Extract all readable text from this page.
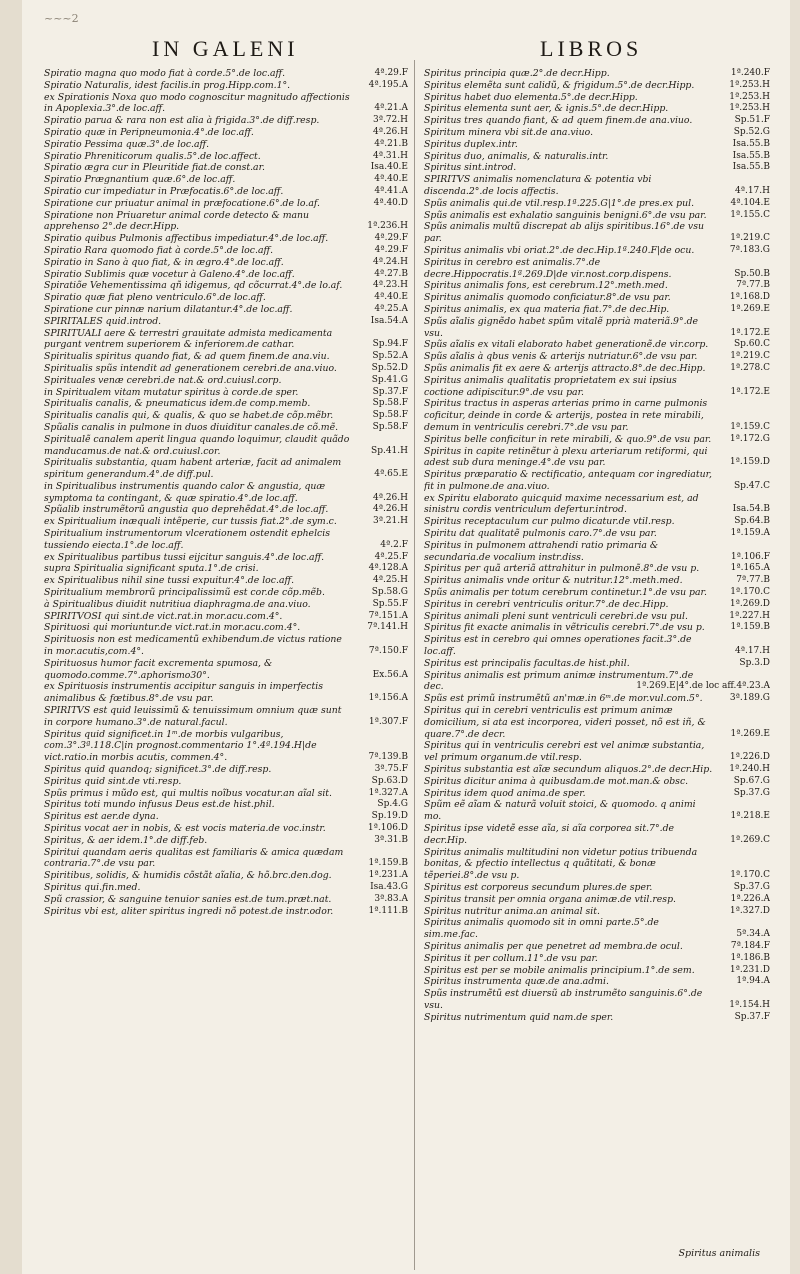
~~~2
IN GALENI	LIBROS
Spiratio magna quo modo fiat à corde.5°.de loc.aff.	4ª.29.F
Spiratio Naturalis, idest facilis.in prog.Hipp.com.1°.	4ª.195.A
ex Spirationis Noxa quo modo cognoscitur magnitudo affectionis in Apoplexia.3°.de loc.aff.	4ª.21.A
Spiratio parua & rara non est alia à frigida.3°.de diff.resp.	3ª.72.H
Spiratio quæ in Peripneumonia.4°.de loc.aff.	4ª.26.H
Spiratio Pessima quæ.3°.de loc.aff.	4ª.21.B
Spiratio Phreniticorum qualis.5°.de loc.affect.	4ª.31.H
Spiratio ægra cur in Pleuritide fiat.de const.ar.	Isa.40.E
Spiratio Prægnantium quæ.6°.de loc.aff.	4ª.40.E
Spiratio cur impediatur in Præfocatis.6°.de loc.aff.	4ª.41.A
Spiratione cur priuatur animal in præfocatione.6°.de lo.af.	4ª.40.D
Spiratione non Priuaretur animal corde detecto & manu apprehenso 2°.de decr.Hipp.	1ª.236.H
Spiratio quibus Pulmonis affectibus impediatur.4°.de loc.aff.	4ª.29.F
Spiratio Rara quomodo fiat à corde.5°.de loc.aff.	4ª.29.F
Spiratio in Sano à quo fiat, & in ægro.4°.de loc.aff.	4ª.24.H
Spiratio Sublimis quæ vocetur à Galeno.4°.de loc.aff.	4ª.27.B
Spiratiõe Vehementissima qñ idigemus, qd cõcurrat.4°.de lo.af.	4ª.23.H
Spiratio quæ fiat pleno ventriculo.6°.de loc.aff.	4ª.40.E
Spiratione cur pinnæ narium dilatantur.4°.de loc.aff.	4ª.25.A
SPIRITALES quid.introd.	Isa.54.A
SPIRITUALI aere & terrestri grauitate admista medicamenta purgant ventrem superiorem & inferiorem.de cathar.	Sp.94.F
Spiritualis spiritus quando fiat, & ad quem finem.de ana.viu.	Sp.52.A
Spiritualis spũs intendit ad generationem cerebri.de ana.viuo.	Sp.52.D
Spirituales venæ cerebri.de nat.& ord.cuiusl.corp.	Sp.41.G
in Spiritualem vitam mutatur spiritus à corde.de sper.	Sp.37.F
Spiritualis canalis, & pneumaticus idem.de comp.memb.	Sp.58.F
Spiritualis canalis qui, & qualis, & quo se habet.de cõp.mẽbr.	Sp.58.F
Spũalis canalis in pulmone in duos diuiditur canales.de cõ.mẽ.	Sp.58.F
Spiritualẽ canalem aperit lingua quando loquimur, claudit quãdo manducamus.de nat.& ord.cuiusl.cor.	Sp.41.H
Spiritualis substantia, quam habent arteriæ, facit ad animalem spiritum generandum.4°.de diff.pul.	4ª.65.E
in Spiritualibus instrumentis quando calor & angustia, quæ symptoma ta contingant, & quæ spiratio.4°.de loc.aff.	4ª.26.H
Spũalib instrumẽtorũ angustia quo deprehẽdat.4°.de loc.aff.	4ª.26.H
ex Spiritualium inæquali intẽperie, cur tussis fiat.2°.de sym.c.	3ª.21.H
Spiritualium instrumentorum vlcerationem ostendit ephelcis tussiendo eiecta.1°.de loc.aff.	4ª.2.F
ex Spiritualibus partibus tussi eijcitur sanguis.4°.de loc.aff.	4ª.25.F
supra Spiritualia significant sputa.1°.de crisi.	4ª.128.A
ex Spiritualibus nihil sine tussi expuitur.4°.de loc.aff.	4ª.25.H
Spiritualium membrorũ principalissimũ est cor.de cõp.mẽb.	Sp.58.G
à Spiritualibus diuidit nutritiua diaphragma.de ana.viuo.	Sp.55.F
SPIRITVOSI qui sint.de vict.rat.in mor.acu.com.4°.	7ª.151.A
Spirituosi qui moriuntur.de vict.rat.in mor.acu.com.4°.	7ª.141.H
Spirituosis non est medicamentũ exhibendum.de victus ratione in mor.acutis,com.4°.	7ª.150.F
Spirituosus humor facit excrementa spumosa, & quomodo.comme.7°.aphorismo30°.	Ex.56.A
ex Spirituosis instrumentis accipitur sanguis in imperfectis animalibus & fœtibus.8°.de vsu par.	1ª.156.A
SPIRITVS est quid leuissimũ & tenuissimum omnium quæ sunt in corpore humano.3°.de natural.facul.	1ª.307.F
Spiritus quid significet.in 1ᵐ.de morbis vulgaribus, com.3°.3ª.118.C|in prognost.commentario 1°.4ª.194.H|de vict.ratio.in morbis acutis, commen.4°.	7ª.139.B
Spiritus quid quandoq; significet.3°.de diff.resp.	3ª.75.F
Spiritus quid sint.de vti.resp.	Sp.63.D
Spũs primus i mũdo est, qui multis noĩbus vocatur.an aĩal sit.	1ª.327.A
Spiritus toti mundo infusus Deus est.de hist.phil.	Sp.4.G
Spiritus est aer.de dyna.	Sp.19.D
Spiritus vocat aer in nobis, & est vocis materia.de voc.instr.	1ª.106.D
Spiritus, & aer idem.1°.de diff.feb.	3ª.31.B
Spiritui quandam aeris qualitas est familiaris & amica quædam contraria.7°.de vsu par.	1ª.159.B
Spiritibus, solidis, & humidis cõstãt aĩalia, & hõ.brc.den.dog.	1ª.231.A
Spiritus qui.fin.med.	Isa.43.G
Spũ crassior, & sanguine tenuior sanies est.de tum.præt.nat.	3ª.83.A
Spiritus vbi est, aliter spiritus ingredi nõ potest.de instr.odor.	1ª.111.B
Spiritus principia quæ.2°.de decr.Hipp.	1ª.240.F
Spiritus elemẽta sunt calidũ, & frigidum.5°.de decr.Hipp.	1ª.253.H
Spiritus habet duo elementa.5°.de decr.Hipp.	1ª.253.H
Spiritus elementa sunt aer, & ignis.5°.de decr.Hipp.	1ª.253.H
Spiritus tres quando fiant, & ad quem finem.de ana.viuo.	Sp.51.F
Spiritum minera vbi sit.de ana.viuo.	Sp.52.G
Spiritus duplex.intr.	Isa.55.B
Spiritus duo, animalis, & naturalis.intr.	Isa.55.B
Spiritus sint.introd.	Isa.55.B
SPIRITVS animalis nomenclatura & potentia vbi discenda.2°.de locis affectis.	4ª.17.H
Spũs animalis qui.de vtil.resp.1ª.225.G|1°.de pres.ex pul.	4ª.104.E
Spũs animalis est exhalatio sanguinis benigni.6°.de vsu par.	1ª.155.C
Spũs animalis multũ discrepat ab alijs spiritibus.16°.de vsu par.	1ª.219.C
Spiritus animalis vbi oriat.2°.de dec.Hip.1ª.240.F|de ocu.	7ª.183.G
Spiritus in cerebro est animalis.7°.de decre.Hippocratis.1ª.269.D|de vir.nost.corp.dispens.	Sp.50.B
Spiritus animalis fons, est cerebrum.12°.meth.med.	7ª.77.B
Spiritus animalis quomodo conficiatur.8°.de vsu par.	1ª.168.D
Spiritus animalis, ex qua materia fiat.7°.de dec.Hip.	1ª.269.E
Spũs aĩalis gignẽdo habet spũm vitalẽ pprià materiã.9°.de vsu.	1ª.172.E
Spũs aĩalis ex vitali elaborato habet generationẽ.de vir.corp.	Sp.60.C
Spũs aĩalis à qbus venis & arterijs nutriatur.6°.de vsu par.	1ª.219.C
Spũs animalis fit ex aere & arterijs attracto.8°.de dec.Hipp.	1ª.278.C
Spiritus animalis qualitatis proprietatem ex sui ipsius coctione adipiscitur.9°.de vsu par.	1ª.172.E
Spiritus tractus in asperas arterias primo in carne pulmonis coficitur, deinde in corde & arterijs, postea in rete mirabili, demum in ventriculis cerebri.7°.de vsu par.	1ª.159.C
Spiritus belle conficitur in rete mirabili, & quo.9°.de vsu par. 1ª.172.G
Spiritus in capite retinẽtur à plexu arteriarum retiformi, qui adest sub dura meninge.4°.de vsu par.	1ª.159.D
Spiritus præparatio & rectificatio, antequam cor ingrediatur, fit in pulmone.de ana.viuo.	Sp.47.C
ex Spiritu elaborato quicquid maxime necessarium est, ad sinistru cordis ventriculum defertur.introd.	Isa.54.B
Spiritus receptaculum cur pulmo dicatur.de vtil.resp.	Sp.64.B
Spiritu dat qualitatẽ pulmonis caro.7°.de vsu par.	1ª.159.A
Spiritus in pulmonem attrahendi ratio primaria & secundaria.de vocalium instr.diss.	1ª.106.F
Spiritus per quã arteriã attrahitur in pulmonẽ.8°.de vsu p.	1ª.165.A
Spiritus animalis vnde oritur & nutritur.12°.meth.med.	7ª.77.B
Spũs animalis per totum cerebrum continetur.1°.de vsu par.	1ª.170.C
Spiritus in cerebri ventriculis oritur.7°.de dec.Hipp.	1ª.269.D
Spiritus animali pleni sunt ventriculi cerebri.de vsu pul.	1ª.227.H
Spiritus fit exacte animalis in vẽtriculis cerebri.7°.de vsu p.	1ª.159.B
Spiritus est in cerebro qui omnes operationes facit.3°.de loc.aff.	4ª.17.H
Spiritus est principalis facultas.de hist.phil.	Sp.3.D
Spiritus animalis est primum animæ instrumentum.7°.de dec.	1ª.269.E|4°.de loc aff.4ª.23.A
Spũs est primũ instrumẽtũ an'mæ.in 6ᵐ.de mor.vul.com.5°.	3ª.189.G
Spiritus qui in cerebri ventriculis est primum animæ domicilium, si ata est incorporea, videri posset, nõ est iñ, & quare.7°.de decr.	1ª.269.E
Spiritus qui in ventriculis cerebri est vel animæ substantia, vel primum organum.de vtil.resp.	1ª.226.D
Spiritus substantia est aĩæ secundum aliquos.2°.de decr.Hip. 1ª.240.H
Spiritus dicitur anima à quibusdam.de mot.man.& obsc.	Sp.67.G
Spiritus idem quod anima.de sper.	Sp.37.G
Spũm eẽ aĩam & naturã voluit stoici, & quomodo. q animi mo.	1ª.218.E
Spiritus ipse videtẽ esse aĩa, si aĩa corporea sit.7°.de decr.Hip.	1ª.269.C
Spiritus animalis multitudini non videtur potius tribuenda bonitas, & pfectio intellectus q quãtitati, & bonæ tẽperiei.8°.de vsu p.	1ª.170.C
Spiritus est corporeus secundum plures.de sper.	Sp.37.G
Spiritus transit per omnia organa animæ.de vtil.resp.	1ª.226.A
Spiritus nutritur anima.an animal sit.	1ª.327.D
Spiritus animalis quomodo sit in omni parte.5°.de sim.me.fac.	5ª.34.A
Spiritus animalis per que penetret ad membra.de ocul.	7ª.184.F
Spiritus it per collum.11°.de vsu par.	1ª.186.B
Spiritus est per se mobile animalis principium.1°.de sem.	1ª.231.D
Spiritus instrumenta quæ.de ana.admi.	1ª.94.A
Spũs instrumẽtũ est diuersũ ab instrumẽto sanguinis.6°.de vsu.	1ª.154.H
Spiritus nutrimentum quid nam.de sper.	Sp.37.F
Spiritus animalis
